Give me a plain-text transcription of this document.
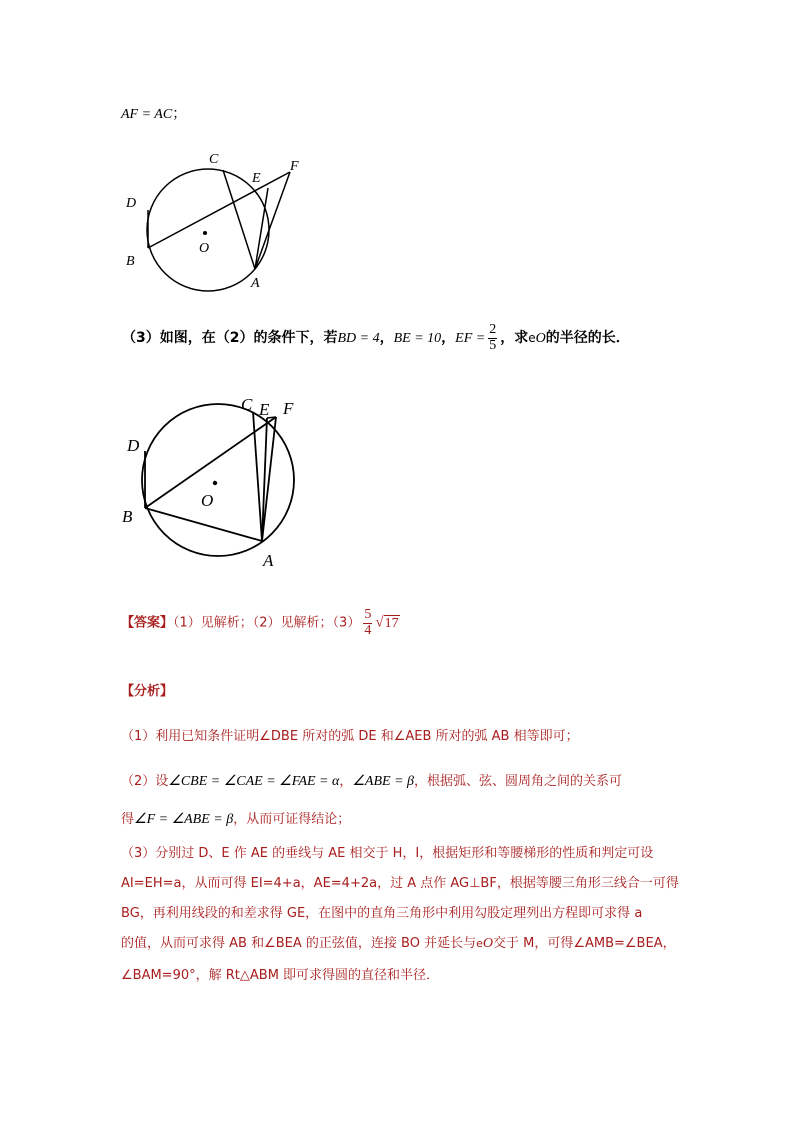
AF = AC；
C
E
F
D
O
B
A
（3）如图，在（2）的条件下，若BD = 4，BE = 10，EF = $\frac{2}{5}$ ，求eO的半径的长．
C E F
D
O
B
A
【答案】（1）见解析；（2）见解析；$(3) \frac{5}{4} √17$
【分析】
（1）利用已知条件证明∠DBE 所对的弧 DE 和∠AEB 所对的弧 AB 相等即可；
（2）设∠CBE = ∠CAE = ∠FAE = α，∠ABE = β，根据弧、弦、圆周角之间的关系可
得∠F = ∠ABE = β，从而可证得结论；
（3）分别过 D、E 作 AE 的垂线与 AE 相交于 H，I，根据矩形和等腰梯形的性质和判定可设
AI=EH=a，从而可得 EI=4+a，AE=4+2a，过 A 点作 AG⊥BF，根据等腰三角形三线合一可得
BG，再利用线段的和差求得 GE，在图中的直角三角形中利用勾股定理列出方程即可求得 a
的值，从而可求得 AB 和∠BEA 的正弦值，连接 BO 并延长与eO交于 M，可得∠AMB=∠BEA，
∠BAM=90°，解 Rt△ABM 即可求得圆的直径和半径．
